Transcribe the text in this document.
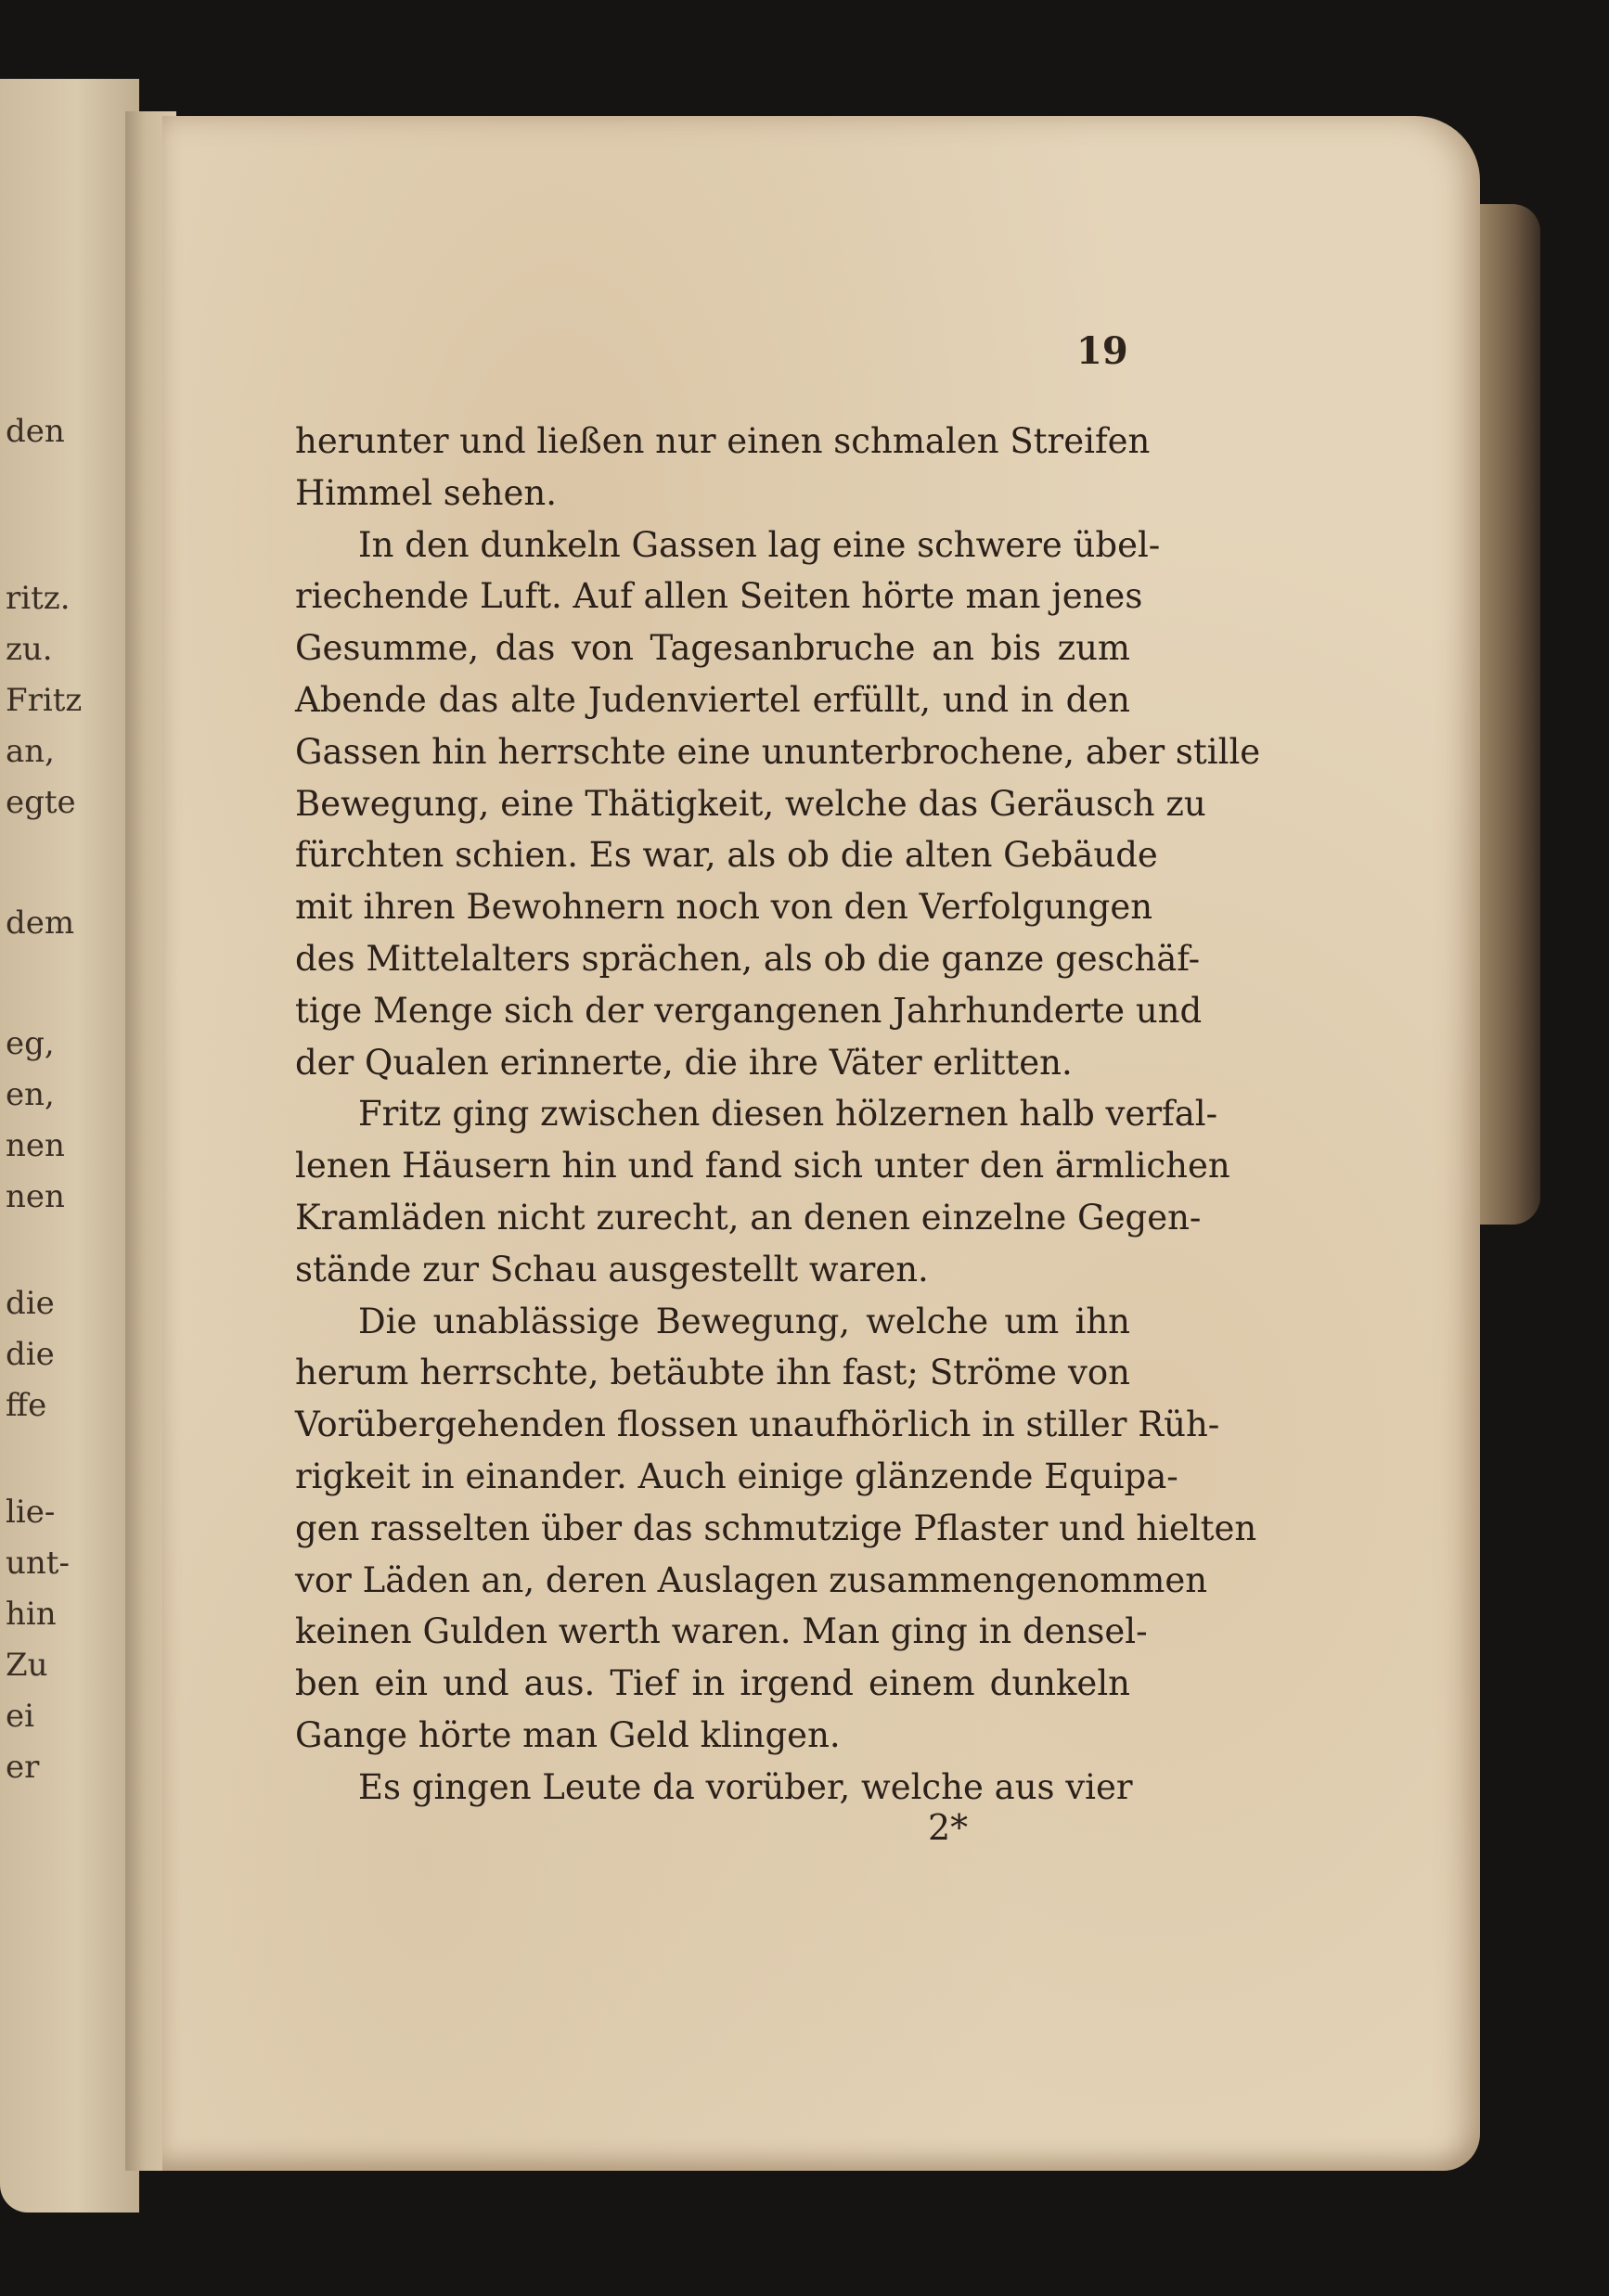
den
ritz.
zu.
Fritz
an,
egte
dem
eg,
en,
nen
nen
die
die
ffe
lie-
unt-
hin
Zu
ei
er
19
herunter und ließen nur einen schmalen Streifen
Himmel sehen.
In den dunkeln Gassen lag eine schwere übel-
riechende Luft. Auf allen Seiten hörte man jenes
Gesumme, das von Tagesanbruche an bis zum
Abende das alte Judenviertel erfüllt, und in den
Gassen hin herrschte eine ununterbrochene, aber stille
Bewegung, eine Thätigkeit, welche das Geräusch zu
fürchten schien. Es war, als ob die alten Gebäude
mit ihren Bewohnern noch von den Verfolgungen
des Mittelalters sprächen, als ob die ganze geschäf-
tige Menge sich der vergangenen Jahrhunderte und
der Qualen erinnerte, die ihre Väter erlitten.
Fritz ging zwischen diesen hölzernen halb verfal-
lenen Häusern hin und fand sich unter den ärmlichen
Kramläden nicht zurecht, an denen einzelne Gegen-
stände zur Schau ausgestellt waren.
Die unablässige Bewegung, welche um ihn
herum herrschte, betäubte ihn fast; Ströme von
Vorübergehenden flossen unaufhörlich in stiller Rüh-
rigkeit in einander. Auch einige glänzende Equipa-
gen rasselten über das schmutzige Pflaster und hielten
vor Läden an, deren Auslagen zusammengenommen
keinen Gulden werth waren. Man ging in densel-
ben ein und aus. Tief in irgend einem dunkeln
Gange hörte man Geld klingen.
Es gingen Leute da vorüber, welche aus vier
2*
